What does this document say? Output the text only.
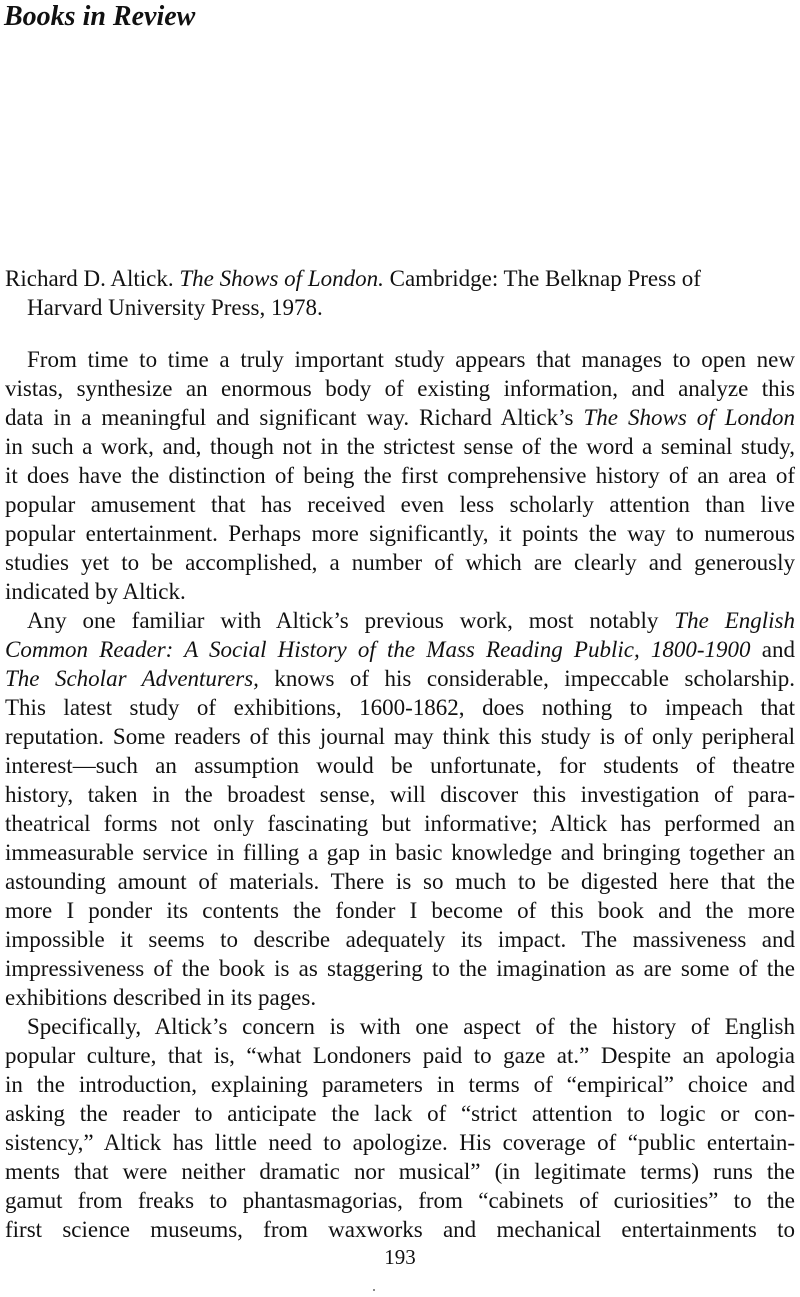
Books in Review
Richard D. Altick. The Shows of London. Cambridge: The Belknap Press of
Harvard University Press, 1978.

From time to time a truly important study appears that manages to open new
vistas, synthesize an enormous body of existing information, and analyze this
data in a meaningful and significant way. Richard Altick’s The Shows of London
in such a work, and, though not in the strictest sense of the word a seminal study,
it does have the distinction of being the first comprehensive history of an area of
popular amusement that has received even less scholarly attention than live
popular entertainment. Perhaps more significantly, it points the way to numerous
studies yet to be accomplished, a number of which are clearly and generously
indicated by Altick.

Any one familiar with Altick’s previous work, most notably The English
Common Reader: A Social History of the Mass Reading Public, 1800-1900 and
The Scholar Adventurers, knows of his considerable, impeccable scholarship.
This latest study of exhibitions, 1600-1862, does nothing to impeach that
reputation. Some readers of this journal may think this study is of only peripheral
interest—such an assumption would be unfortunate, for students of theatre
history, taken in the broadest sense, will discover this investigation of para-
theatrical forms not only fascinating but informative; Altick has performed an
immeasurable service in filling a gap in basic knowledge and bringing together an
astounding amount of materials. There is so much to be digested here that the
more I ponder its contents the fonder I become of this book and the more
impossible it seems to describe adequately its impact. The massiveness and
impressiveness of the book is as staggering to the imagination as are some of the
exhibitions described in its pages.

Specifically, Altick’s concern is with one aspect of the history of English
popular culture, that is, “what Londoners paid to gaze at.” Despite an apologia
in the introduction, explaining parameters in terms of “empirical” choice and
asking the reader to anticipate the lack of “strict attention to logic or con-
sistency,” Altick has little need to apologize. His coverage of “public entertain-
ments that were neither dramatic nor musical” (in legitimate terms) runs the
gamut from freaks to phantasmagorias, from “cabinets of curiosities” to the
first science museums, from waxworks and mechanical entertainments to

193
